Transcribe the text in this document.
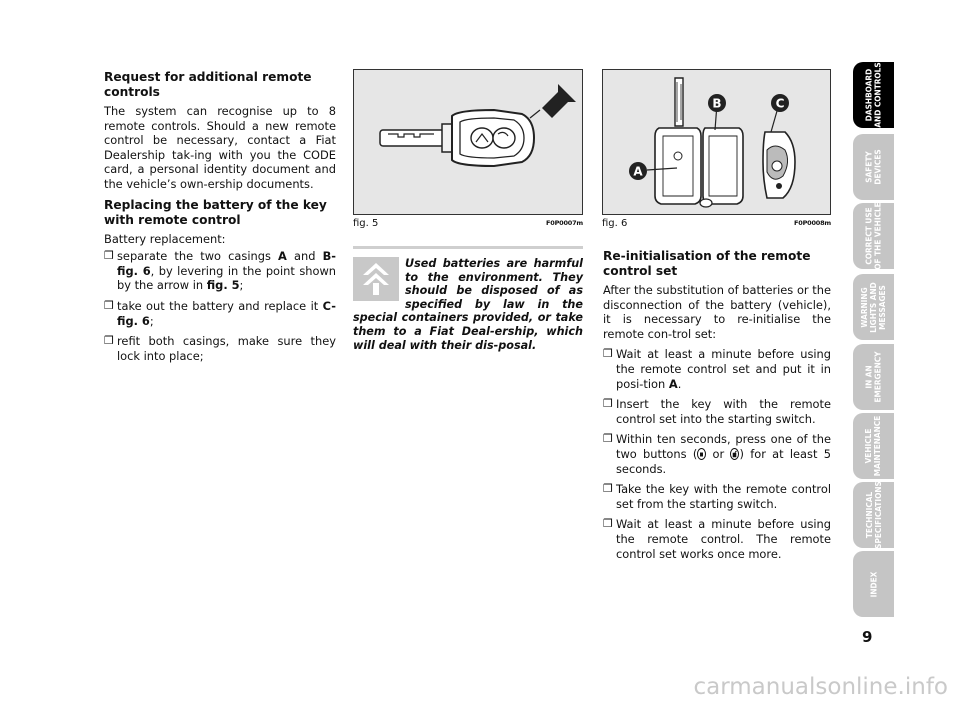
Request for additional remote controls

The system can recognise up to 8 remote controls. Should a new remote control be necessary, contact a Fiat Dealership tak-ing with you the CODE card, a personal identity document and the vehicle’s own-ership documents.

Replacing the battery of the key with remote control

Battery replacement:

❒ separate the two casings A and B- fig. 6, by levering in the point shown by the arrow in fig. 5;
❒ take out the battery and replace it C- fig. 6;
❒ refit both casings, make sure they lock into place;
fig. 5	F0P0007m
B	C
A
fig. 6	F0P0008m
Used batteries are harmful to the environment. They should be disposed of as specified by law in the special containers provided, or take them to a Fiat Deal-ership, which will deal with their dis-posal.
Re-initialisation of the remote control set

After the substitution of batteries or the disconnection of the battery (vehicle), it is necessary to re-initialise the remote con-trol set:

❒ Wait at least a minute before using the remote control set and put it in posi-tion A.
❒ Insert the key with the remote control set into the starting switch.
❒ Within ten seconds, press one of the two buttons ( or ) for at least 5 seconds.
❒ Take the key with the remote control set from the starting switch.
❒ Wait at least a minute before using the remote control. The remote control set works once more.
DASHBOARD
AND CONTROLS
SAFETY
DEVICES
CORRECT USE
OF THE VEHICLE
WARNING
LIGHTS AND
MESSAGES
IN AN
EMERGENCY
VEHICLE
MAINTENANCE
TECHNICAL
SPECIFICATIONS
INDEX
9
carmanualsonline.info
